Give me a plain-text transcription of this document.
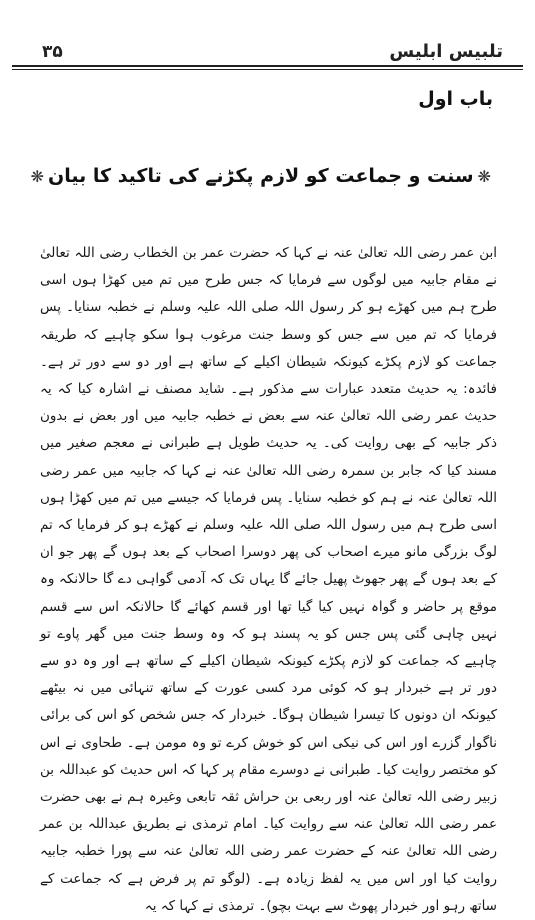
۳۵	تلبیس ابلیس
باب اول
❋سنت و جماعت کو لازم پکڑنے کی تاکید کا بیان❋

ابن عمر رضی اللہ تعالیٰ عنہ نے کہا کہ حضرت عمر بن الخطاب رضی اللہ تعالیٰ نے مقام جابیہ میں لوگوں سے فرمایا کہ جس طرح میں تم میں کھڑا ہوں اسی طرح ہم میں کھڑے ہو کر رسول اللہ صلی اللہ علیہ وسلم نے خطبہ سنایا۔ پس فرمایا کہ تم میں سے جس کو وسط جنت مرغوب ہوا سکو چاہیے کہ طریقہ جماعت کو لازم پکڑے کیونکہ شیطان اکیلے کے ساتھ ہے اور دو سے دور تر ہے۔ فائدہ: یہ حدیث متعدد عبارات سے مذکور ہے۔ شاید مصنف نے اشارہ کیا کہ یہ حدیث عمر رضی اللہ تعالیٰ عنہ سے بعض نے خطبہ جابیہ میں اور بعض نے بدون ذکر جابیہ کے بھی روایت کی۔ یہ حدیث طویل ہے طبرانی نے معجم صغیر میں مسند کیا کہ جابر بن سمرہ رضی اللہ تعالیٰ عنہ نے کہا کہ جابیہ میں عمر رضی اللہ تعالیٰ عنہ نے ہم کو خطبہ سنایا۔ پس فرمایا کہ جیسے میں تم میں کھڑا ہوں اسی طرح ہم میں رسول اللہ صلی اللہ علیہ وسلم نے کھڑے ہو کر فرمایا کہ تم لوگ بزرگی مانو میرے اصحاب کی پھر دوسرا اصحاب کے بعد ہوں گے پھر جو ان کے بعد ہوں گے پھر جھوٹ پھیل جائے گا یہاں تک کہ آدمی گواہی دے گا حالانکہ وہ موقع پر حاضر و گواہ نہیں کیا گیا تھا اور قسم کھائے گا حالانکہ اس سے قسم نہیں چاہی گئی پس جس کو یہ پسند ہو کہ وہ وسط جنت میں گھر پاوے تو چاہیے کہ جماعت کو لازم پکڑے کیونکہ شیطان اکیلے کے ساتھ ہے اور وہ دو سے دور تر ہے خبردار ہو کہ کوئی مرد کسی عورت کے ساتھ تنہائی میں نہ بیٹھے کیونکہ ان دونوں کا تیسرا شیطان ہوگا۔ خبردار کہ جس شخص کو اس کی برائی ناگوار گزرے اور اس کی نیکی اس کو خوش کرے تو وہ مومن ہے۔ طحاوی نے اس کو مختصر روایت کیا۔ طبرانی نے دوسرے مقام پر کہا کہ اس حدیث کو عبداللہ بن زبیر رضی اللہ تعالیٰ عنہ اور ربعی بن حراش ثقہ تابعی وغیرہ ہم نے بھی حضرت عمر رضی اللہ تعالیٰ عنہ سے روایت کیا۔ امام ترمذی نے بطریق عبداللہ بن عمر رضی اللہ تعالیٰ عنہ کے حضرت عمر رضی اللہ تعالیٰ عنہ سے پورا خطبہ جابیہ روایت کیا اور اس میں یہ لفظ زیادہ ہے۔ (لوگو تم پر فرض ہے کہ جماعت کے ساتھ رہو اور خبردار پھوٹ سے بہت بچو)۔ ترمذی نے کہا کہ یہ
